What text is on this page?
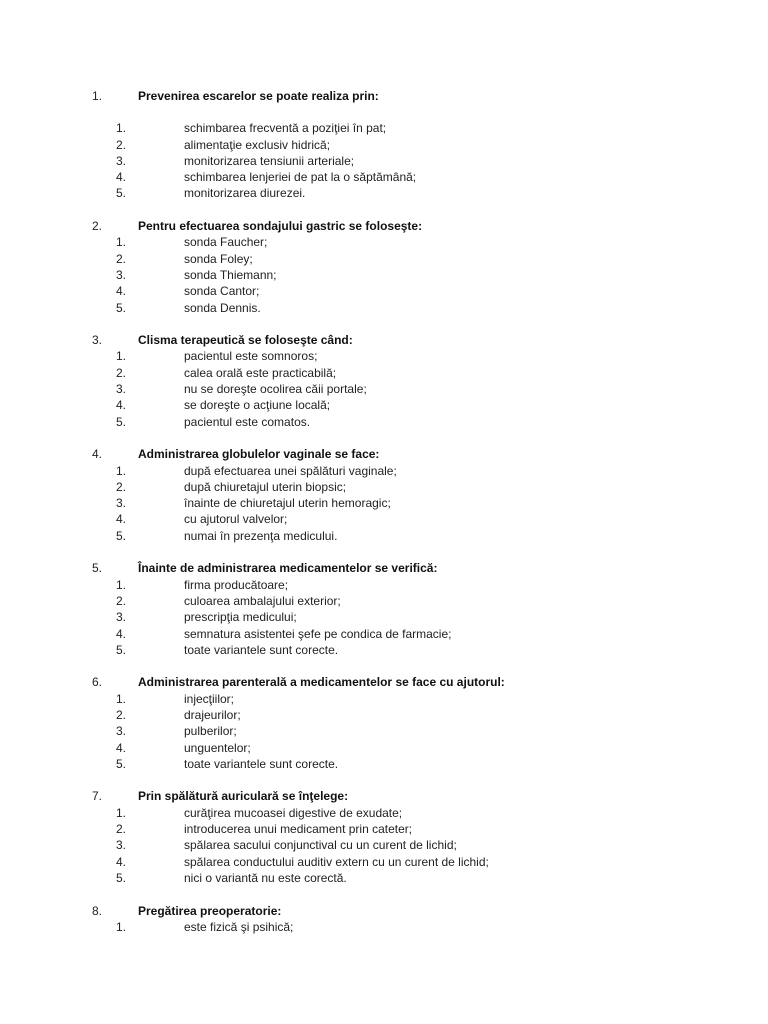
1.	Prevenirea escarelor se poate realiza prin:
1.	schimbarea frecventă a poziţiei în pat;
2.	alimentaţie exclusiv hidrică;
3.	monitorizarea tensiunii arteriale;
4.	schimbarea lenjeriei de pat la o săptămână;
5.	monitorizarea diurezei.
2.	Pentru efectuarea sondajului gastric se foloseşte:
1.	sonda Faucher;
2.	sonda Foley;
3.	sonda Thiemann;
4.	sonda Cantor;
5.	sonda Dennis.
3.	Clisma terapeutică se foloseşte când:
1.	pacientul este somnoros;
2.	calea orală este practicabilă;
3.	nu se doreşte ocolirea căii portale;
4.	se doreşte o acţiune locală;
5.	pacientul este comatos.
4.	Administrarea globulelor vaginale se face:
1.	după efectuarea unei spălături vaginale;
2.	după chiuretajul uterin biopsic;
3.	înainte de chiuretajul uterin hemoragic;
4.	cu ajutorul valvelor;
5.	numai în prezenţa medicului.
5.	Înainte de administrarea medicamentelor se verifică:
1.	firma producătoare;
2.	culoarea ambalajului exterior;
3.	prescripţia medicului;
4.	semnatura asistentei şefe pe condica de farmacie;
5.	toate variantele sunt corecte.
6.	Administrarea parenterală a medicamentelor se face cu ajutorul:
1.	injecţiilor;
2.	drajeurilor;
3.	pulberilor;
4.	unguentelor;
5.	toate variantele sunt corecte.
7.	Prin spălătură auriculară se înţelege:
1.	curăţirea mucoasei digestive de exudate;
2.	introducerea unui medicament prin cateter;
3.	spălarea sacului conjunctival cu un curent de lichid;
4.	spălarea conductului auditiv extern cu un curent de lichid;
5.	nici o variantă nu este corectă.
8.	Pregătirea preoperatorie:
1.	este fizică şi psihică;
